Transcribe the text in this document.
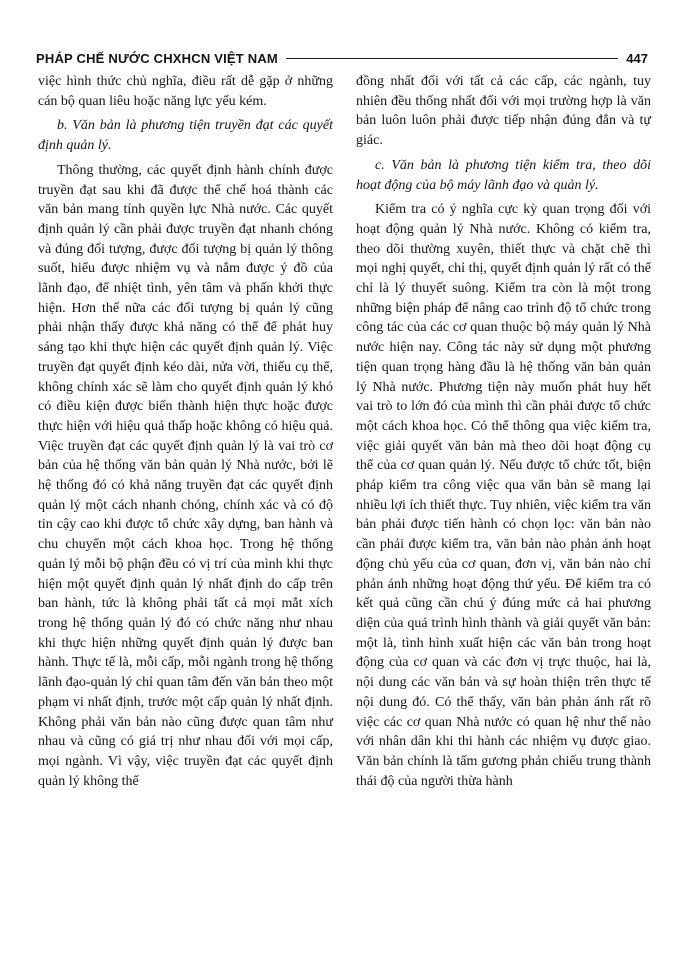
PHÁP CHẾ NƯỚC CHXHCN VIỆT NAM	447

việc hình thức chủ nghĩa, điều rất dễ gặp ở những cán bộ quan liêu hoặc năng lực yếu kém.

b. Văn bản là phương tiện truyền đạt các quyết định quản lý.

Thông thường, các quyết định hành chính được truyền đạt sau khi đã được thể chế hoá thành các văn bản mang tính quyền lực Nhà nước. Các quyết định quản lý cần phải được truyền đạt nhanh chóng và đúng đối tượng, được đối tượng bị quản lý thông suốt, hiểu được nhiệm vụ và nắm được ý đồ của lãnh đạo, để nhiệt tình, yên tâm và phấn khởi thực hiện. Hơn thế nữa các đối tượng bị quản lý cũng phải nhận thấy được khả năng có thể để phát huy sáng tạo khi thực hiện các quyết định quản lý. Việc truyền đạt quyết định kéo dài, nửa vời, thiếu cụ thể, không chính xác sẽ làm cho quyết định quản lý khó có điều kiện được biến thành hiện thực hoặc được thực hiện với hiệu quả thấp hoặc không có hiệu quả. Việc truyền đạt các quyết định quản lý là vai trò cơ bản của hệ thống văn bản quản lý Nhà nước, bởi lẽ hệ thống đó có khả năng truyền đạt các quyết định quản lý một cách nhanh chóng, chính xác và có độ tin cậy cao khi được tổ chức xây dựng, ban hành và chu chuyển một cách khoa học. Trong hệ thống quản lý mỗi bộ phận đều có vị trí của mình khi thực hiện một quyết định quản lý nhất định do cấp trên ban hành, tức là không phải tất cả mọi mắt xích trong hệ thống quản lý đó có chức năng như nhau khi thực hiện những quyết định quản lý được ban hành. Thực tế là, mỗi cấp, mỗi ngành trong hệ thống lãnh đạo-quản lý chỉ quan tâm đến văn bản theo một phạm vi nhất định, trước một cấp quản lý nhất định. Không phải văn bản nào cũng được quan tâm như nhau và cũng có giá trị như nhau đối với mọi cấp, mọi ngành. Vì vậy, việc truyền đạt các quyết định quản lý không thể

đồng nhất đối với tất cả các cấp, các ngành, tuy nhiên đều thống nhất đối với mọi trường hợp là văn bản luôn luôn phải được tiếp nhận đúng đắn và tự giác.

c. Văn bản là phương tiện kiểm tra, theo dõi hoạt động của bộ máy lãnh đạo và quản lý.

Kiểm tra có ý nghĩa cực kỳ quan trọng đối với hoạt động quản lý Nhà nước. Không có kiểm tra, theo dõi thường xuyên, thiết thực và chặt chẽ thì mọi nghị quyết, chỉ thị, quyết định quản lý rất có thể chỉ là lý thuyết suông. Kiểm tra còn là một trong những biện pháp để nâng cao trình độ tổ chức trong công tác của các cơ quan thuộc bộ máy quản lý Nhà nước hiện nay. Công tác này sử dụng một phương tiện quan trọng hàng đầu là hệ thống văn bản quản lý Nhà nước. Phương tiện này muốn phát huy hết vai trò to lớn đó của mình thì cần phải được tổ chức một cách khoa học. Có thể thông qua việc kiểm tra, việc giải quyết văn bản mà theo dõi hoạt động cụ thể của cơ quan quản lý. Nếu được tổ chức tốt, biện pháp kiểm tra công việc qua văn bản sẽ mang lại nhiều lợi ích thiết thực. Tuy nhiên, việc kiểm tra văn bản phải được tiến hành có chọn lọc: văn bản nào cần phải được kiểm tra, văn bản nào phản ánh hoạt động chủ yếu của cơ quan, đơn vị, văn bản nào chỉ phản ánh những hoạt động thứ yếu. Để kiểm tra có kết quả cũng cần chú ý đúng mức cả hai phương diện của quá trình hình thành và giải quyết văn bản: một là, tình hình xuất hiện các văn bản trong hoạt động của cơ quan và các đơn vị trực thuộc, hai là, nội dung các văn bản và sự hoàn thiện trên thực tế nội dung đó. Có thể thấy, văn bản phản ánh rất rõ việc các cơ quan Nhà nước có quan hệ như thế nào với nhân dân khi thi hành các nhiệm vụ được giao. Văn bản chính là tấm gương phản chiếu trung thành thái độ của người thừa hành
